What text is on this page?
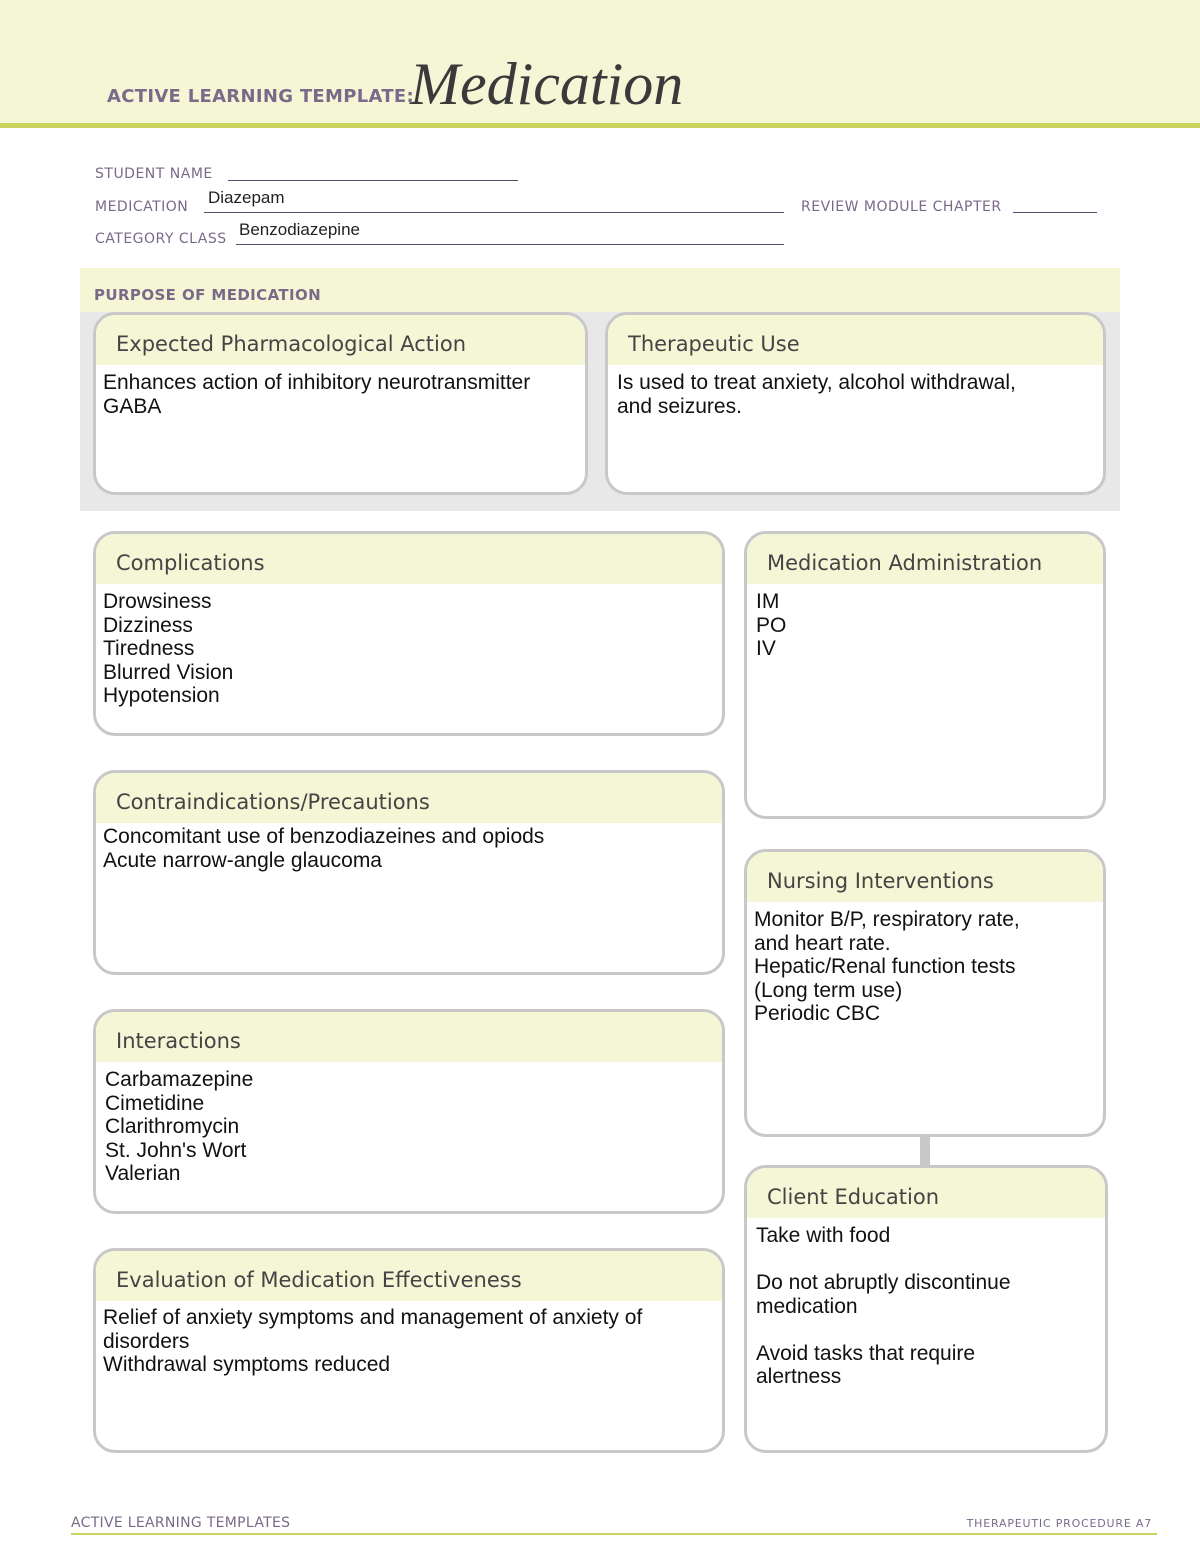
ACTIVE LEARNING TEMPLATE:
Medication
STUDENT NAME
MEDICATION Diazepam	REVIEW MODULE CHAPTER
CATEGORY CLASS Benzodiazepine
PURPOSE OF MEDICATION
Expected Pharmacological Action
Enhances action of inhibitory neurotransmitter
GABA
Therapeutic Use
Is used to treat anxiety, alcohol withdrawal,
and seizures.
Complications
Drowsiness
Dizziness
Tiredness
Blurred Vision
Hypotension
Contraindications/Precautions
Concomitant use of benzodiazeines and opiods
Acute narrow-angle glaucoma
Interactions
Carbamazepine
Cimetidine
Clarithromycin
St. John's Wort
Valerian
Evaluation of Medication Effectiveness
Relief of anxiety symptoms and management of anxiety of
disorders
Withdrawal symptoms reduced
Medication Administration
IM
PO
IV
Nursing Interventions
Monitor B/P, respiratory rate,
and heart rate.
Hepatic/Renal function tests
(Long term use)
Periodic CBC
Client Education
Take with food

Do not abruptly discontinue
medication

Avoid tasks that require
alertness
ACTIVE LEARNING TEMPLATES	THERAPEUTIC PROCEDURE A7
